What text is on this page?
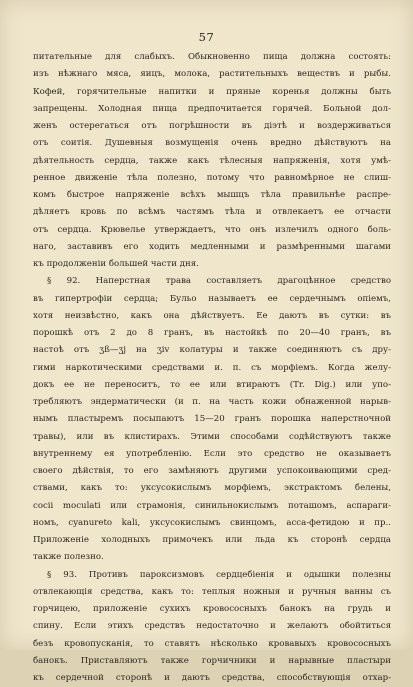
57
питательные для слабыхъ. Обыкновенно пища должна состоять:
изъ нѣжнаго мяса, яицъ, молока, растительныхъ веществъ и рыбы.
Кофей, горячительные напитки и пряные коренья должны быть
запрещены. Холодная пища предпочитается горячей. Больной дол-
женъ остерегаться отъ погрѣшности въ діэтѣ и воздерживаться
отъ соитія. Душевныя возмущенія очень вредно дѣйствуютъ на
дѣятельность сердца, также какъ тѣлесныя напряженія, хотя умѣ-
ренное движеніе тѣла полезно, потому что равномѣрное не слиш-
комъ быстрое напряженіе всѣхъ мышцъ тѣла правильнѣе распре-
дѣляетъ кровь по всѣмъ частямъ тѣла и отвлекаетъ ее отчасти
отъ сердца. Крювелье утверждаетъ, что онъ излечилъ одного боль-
наго, заставивъ его ходить медленными и размѣренными шагами
къ продолженіи большей части дня.
§ 92. Наперстная трава составляетъ драгоцѣнное средство
въ гипертрофіи сердца; Бульо называетъ ее сердечнымъ опіемъ,
хотя неизвѣстно, какъ она дѣйствуетъ. Ее даютъ въ сутки: въ
порошкѣ отъ 2 до 8 гранъ, въ настойкѣ по 20—40 гранъ, въ
настоѣ отъ ʒß—ʒj на ʒiv колатуры и также соединяютъ съ дру-
гими наркотическими средствами и. п. съ морфіемъ. Когда желу-
докъ ее не переноситъ, то ее или втираютъ (Tr. Dig.) или упо-
требляютъ эндерматически (и п. на часть кожи обнаженной нарыв-
нымъ пластыремъ посыпаютъ 15—20 гранъ порошка наперстночной
травы), или въ клистирахъ. Этими способами содѣйствуютъ также
внутреннему ея употребленію. Если это средство не оказываетъ
своего дѣйствія, то его замѣняютъ другими успокоивающими сред-
ствами, какъ то: уксусокислымъ морфіемъ, экстрактомъ белены,
cocii moculati или страмонія, синильнокислымъ поташомъ, аспараги-
номъ, cyanureto kali, уксусокислымъ свинцомъ, асса-фетидою и пр..
Приложеніе холодныхъ примочекъ или льда къ сторонѣ сердца
также полезно.
§ 93. Противъ пароксизмовъ сердцебіенія и одышки полезны
отвлекающія средства, какъ то: теплыя ножныя и ручныя ванны съ
горчицею, приложеніе сухихъ кровососныхъ банокъ на грудь и
спину. Если этихъ средствъ недостаточно и желаютъ обойтиться
безъ кровопусканія, то ставятъ нѣсколько кровавыхъ кровососныхъ
банокъ. Приставляютъ также горчичники и нарывные пластыри
къ сердечной сторонѣ и даютъ средства, способствующія отхар-
